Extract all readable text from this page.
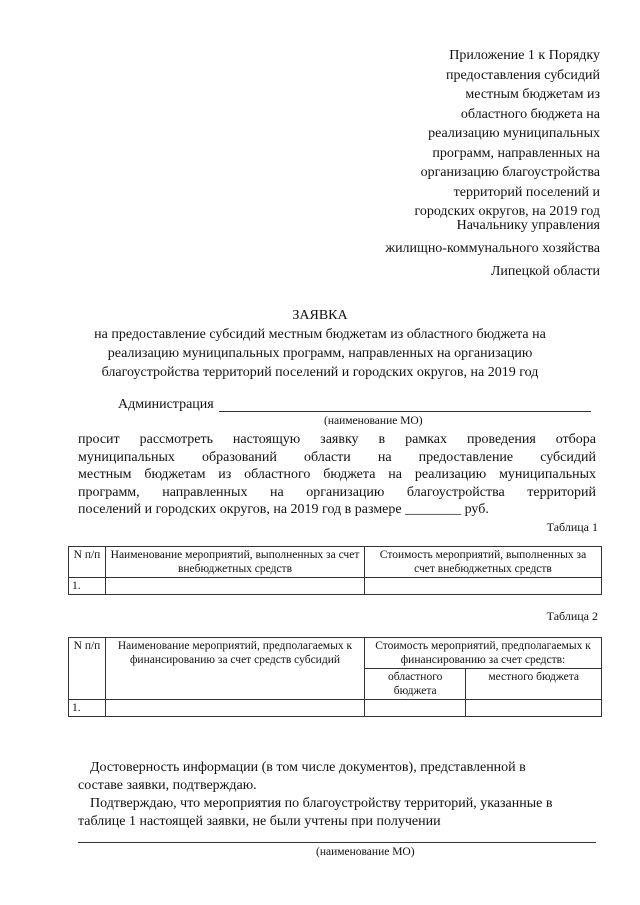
Приложение 1 к Порядку
предоставления субсидий
местным бюджетам из
областного бюджета на
реализацию муниципальных
программ, направленных на
организацию благоустройства
территорий поселений и
городских округов, на 2019 год
Начальнику управления
жилищно-коммунального хозяйства
Липецкой области
ЗАЯВКА
на предоставление субсидий местным бюджетам из областного бюджета на
реализацию муниципальных программ, направленных на организацию
благоустройства территорий поселений и городских округов, на 2019 год
Администрация
(наименование МО)
просит рассмотреть настоящую заявку в рамках проведения отбора
муниципальных образований области на предоставление субсидий
местным бюджетам из областного бюджета на реализацию муниципальных
программ, направленных на организацию благоустройства территорий
поселений и городских округов, на 2019 год в размере ________ руб.
Таблица 1
N п/п	Наименование мероприятий, выполненных за счет внебюджетных средств	Стоимость мероприятий, выполненных за счет внебюджетных средств
1.		
Таблица 2
N п/п	Наименование мероприятий, предполагаемых к финансированию за счет средств субсидий	Стоимость мероприятий, предполагаемых к финансированию за счет средств:	
		областного бюджета	местного бюджета
1.			
Достоверность информации (в том числе документов), представленной в
составе заявки, подтверждаю.
Подтверждаю, что мероприятия по благоустройству территорий, указанные в
таблице 1 настоящей заявки, не были учтены при получении
(наименование МО)
